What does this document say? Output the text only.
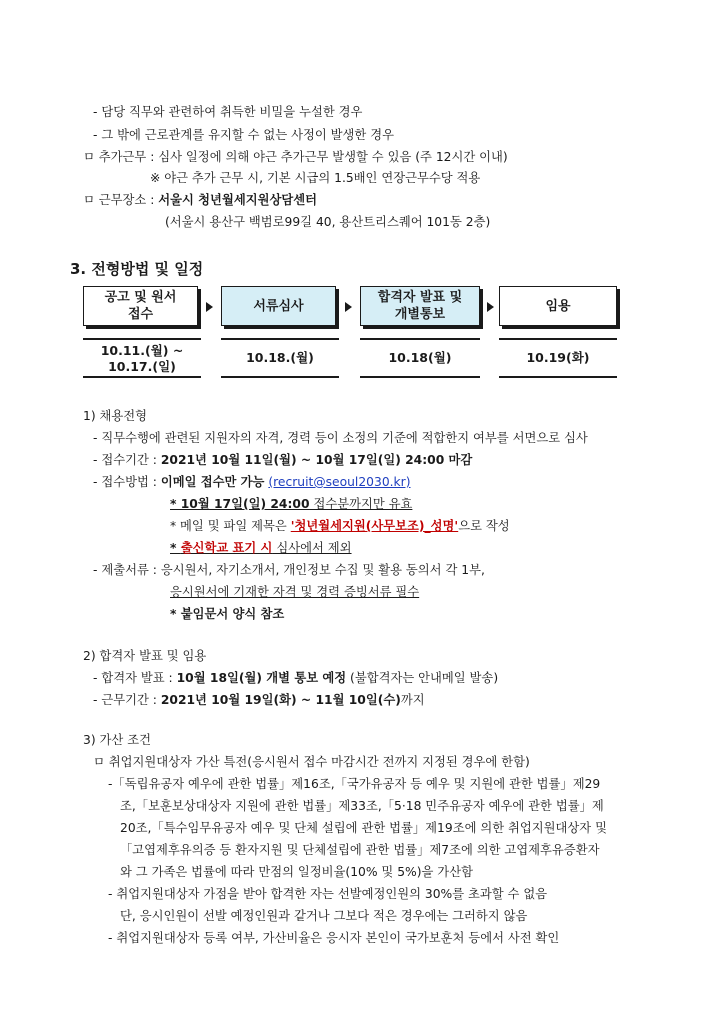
- 담당 직무와 관련하여 취득한 비밀을 누설한 경우
- 그 밖에 근로관계를 유지할 수 없는 사정이 발생한 경우
ㅁ 추가근무 : 심사 일정에 의해 야근 추가근무 발생할 수 있음 (주 12시간 이내)
※ 야근 추가 근무 시, 기본 시급의 1.5배인 연장근무수당 적용
ㅁ 근무장소 : 서울시 청년월세지원상담센터
(서울시 용산구 백범로99길 40, 용산트리스퀘어 101동 2층)
3. 전형방법 및 일정
공고 및 원서
접수
서류심사
합격자 발표 및
개별통보
임용
10.11.(월) ~
10.17.(일)
10.18.(월)	10.18(월)	10.19(화)
1) 채용전형
- 직무수행에 관련된 지원자의 자격, 경력 등이 소정의 기준에 적합한지 여부를 서면으로 심사
- 접수기간 : 2021년 10월 11일(월) ~ 10월 17일(일) 24:00 마감
- 접수방법 : 이메일 접수만 가능 (recruit@seoul2030.kr)
* 10월 17일(일) 24:00 접수분까지만 유효
* 메일 및 파일 제목은 '청년월세지원(사무보조)_성명'으로 작성
* 출신학교 표기 시 심사에서 제외
- 제출서류 : 응시원서, 자기소개서, 개인정보 수집 및 활용 동의서 각 1부,
응시원서에 기재한 자격 및 경력 증빙서류 필수
* 붙임문서 양식 참조
2) 합격자 발표 및 임용
- 합격자 발표 : 10월 18일(월) 개별 통보 예정 (불합격자는 안내메일 발송)
- 근무기간 : 2021년 10월 19일(화) ~ 11월 10일(수)까지
3) 가산 조건
ㅁ 취업지원대상자 가산 특전(응시원서 접수 마감시간 전까지 지정된 경우에 한함)
-「독립유공자 예우에 관한 법률」제16조,「국가유공자 등 예우 및 지원에 관한 법률」제29
조,「보훈보상대상자 지원에 관한 법률」제33조,「5·18 민주유공자 예우에 관한 법률」제
20조,「특수임무유공자 예우 및 단체 설립에 관한 법률」제19조에 의한 취업지원대상자 및
「고엽제후유의증 등 환자지원 및 단체설립에 관한 법률」제7조에 의한 고엽제후유증환자
와 그 가족은 법률에 따라 만점의 일정비율(10% 및 5%)을 가산함
- 취업지원대상자 가점을 받아 합격한 자는 선발예정인원의 30%를 초과할 수 없음
단, 응시인원이 선발 예정인원과 같거나 그보다 적은 경우에는 그러하지 않음
- 취업지원대상자 등록 여부, 가산비율은 응시자 본인이 국가보훈처 등에서 사전 확인
